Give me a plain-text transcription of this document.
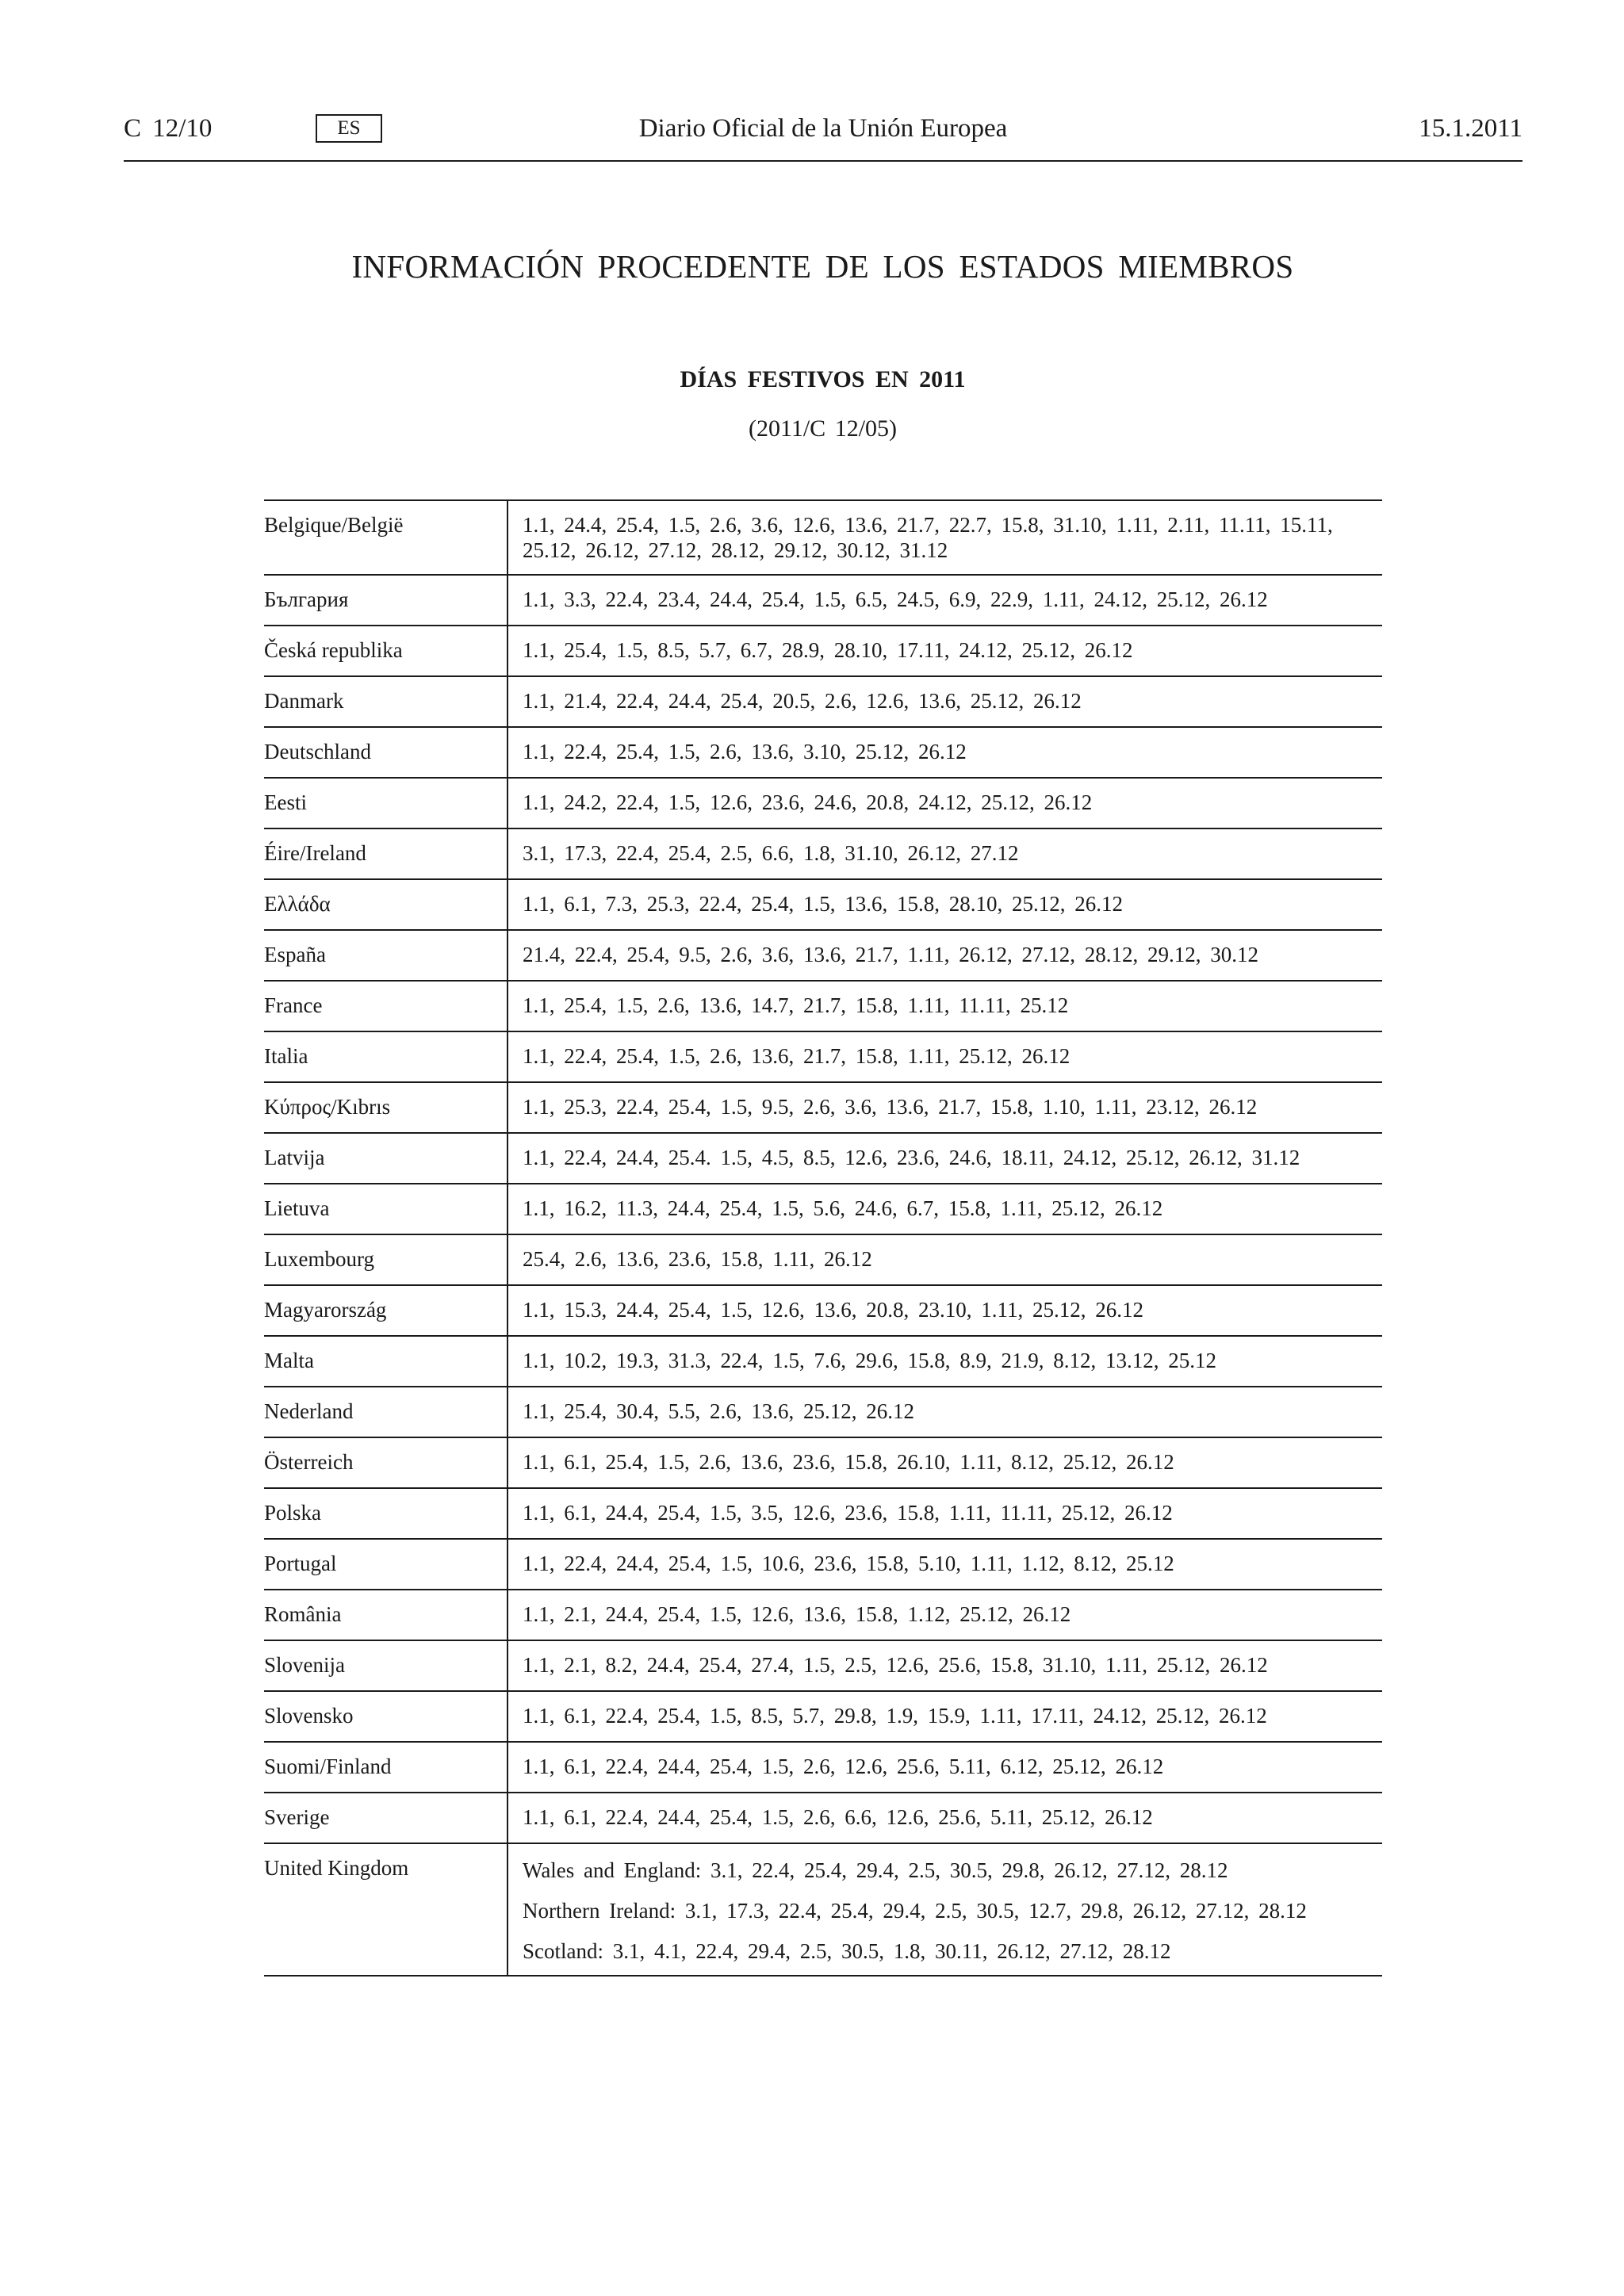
C 12/10	ES	Diario Oficial de la Unión Europea	15.1.2011
INFORMACIÓN PROCEDENTE DE LOS ESTADOS MIEMBROS
DÍAS FESTIVOS EN 2011
(2011/C 12/05)
Belgique/België	1.1, 24.4, 25.4, 1.5, 2.6, 3.6, 12.6, 13.6, 21.7, 22.7, 15.8, 31.10, 1.11, 2.11, 11.11, 15.11, 25.12, 26.12, 27.12, 28.12, 29.12, 30.12, 31.12
България	1.1, 3.3, 22.4, 23.4, 24.4, 25.4, 1.5, 6.5, 24.5, 6.9, 22.9, 1.11, 24.12, 25.12, 26.12
Česká republika	1.1, 25.4, 1.5, 8.5, 5.7, 6.7, 28.9, 28.10, 17.11, 24.12, 25.12, 26.12
Danmark	1.1, 21.4, 22.4, 24.4, 25.4, 20.5, 2.6, 12.6, 13.6, 25.12, 26.12
Deutschland	1.1, 22.4, 25.4, 1.5, 2.6, 13.6, 3.10, 25.12, 26.12
Eesti	1.1, 24.2, 22.4, 1.5, 12.6, 23.6, 24.6, 20.8, 24.12, 25.12, 26.12
Éire/Ireland	3.1, 17.3, 22.4, 25.4, 2.5, 6.6, 1.8, 31.10, 26.12, 27.12
Ελλάδα	1.1, 6.1, 7.3, 25.3, 22.4, 25.4, 1.5, 13.6, 15.8, 28.10, 25.12, 26.12
España	21.4, 22.4, 25.4, 9.5, 2.6, 3.6, 13.6, 21.7, 1.11, 26.12, 27.12, 28.12, 29.12, 30.12
France	1.1, 25.4, 1.5, 2.6, 13.6, 14.7, 21.7, 15.8, 1.11, 11.11, 25.12
Italia	1.1, 22.4, 25.4, 1.5, 2.6, 13.6, 21.7, 15.8, 1.11, 25.12, 26.12
Κύπρος/Kıbrıs	1.1, 25.3, 22.4, 25.4, 1.5, 9.5, 2.6, 3.6, 13.6, 21.7, 15.8, 1.10, 1.11, 23.12, 26.12
Latvija	1.1, 22.4, 24.4, 25.4. 1.5, 4.5, 8.5, 12.6, 23.6, 24.6, 18.11, 24.12, 25.12, 26.12, 31.12
Lietuva	1.1, 16.2, 11.3, 24.4, 25.4, 1.5, 5.6, 24.6, 6.7, 15.8, 1.11, 25.12, 26.12
Luxembourg	25.4, 2.6, 13.6, 23.6, 15.8, 1.11, 26.12
Magyarország	1.1, 15.3, 24.4, 25.4, 1.5, 12.6, 13.6, 20.8, 23.10, 1.11, 25.12, 26.12
Malta	1.1, 10.2, 19.3, 31.3, 22.4, 1.5, 7.6, 29.6, 15.8, 8.9, 21.9, 8.12, 13.12, 25.12
Nederland	1.1, 25.4, 30.4, 5.5, 2.6, 13.6, 25.12, 26.12
Österreich	1.1, 6.1, 25.4, 1.5, 2.6, 13.6, 23.6, 15.8, 26.10, 1.11, 8.12, 25.12, 26.12
Polska	1.1, 6.1, 24.4, 25.4, 1.5, 3.5, 12.6, 23.6, 15.8, 1.11, 11.11, 25.12, 26.12
Portugal	1.1, 22.4, 24.4, 25.4, 1.5, 10.6, 23.6, 15.8, 5.10, 1.11, 1.12, 8.12, 25.12
România	1.1, 2.1, 24.4, 25.4, 1.5, 12.6, 13.6, 15.8, 1.12, 25.12, 26.12
Slovenija	1.1, 2.1, 8.2, 24.4, 25.4, 27.4, 1.5, 2.5, 12.6, 25.6, 15.8, 31.10, 1.11, 25.12, 26.12
Slovensko	1.1, 6.1, 22.4, 25.4, 1.5, 8.5, 5.7, 29.8, 1.9, 15.9, 1.11, 17.11, 24.12, 25.12, 26.12
Suomi/Finland	1.1, 6.1, 22.4, 24.4, 25.4, 1.5, 2.6, 12.6, 25.6, 5.11, 6.12, 25.12, 26.12
Sverige	1.1, 6.1, 22.4, 24.4, 25.4, 1.5, 2.6, 6.6, 12.6, 25.6, 5.11, 25.12, 26.12
United Kingdom	Wales and England: 3.1, 22.4, 25.4, 29.4, 2.5, 30.5, 29.8, 26.12, 27.12, 28.12
Northern Ireland: 3.1, 17.3, 22.4, 25.4, 29.4, 2.5, 30.5, 12.7, 29.8, 26.12, 27.12, 28.12
Scotland: 3.1, 4.1, 22.4, 29.4, 2.5, 30.5, 1.8, 30.11, 26.12, 27.12, 28.12
